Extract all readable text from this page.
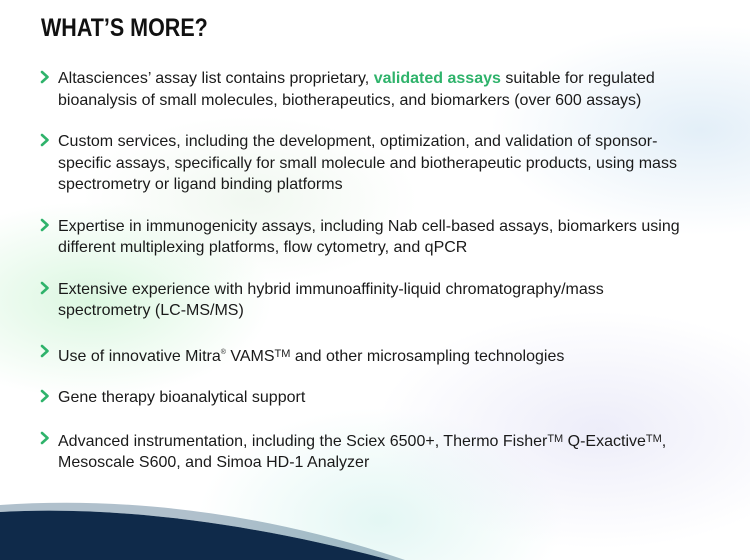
WHAT’S MORE?
Altasciences’ assay list contains proprietary, validated assays suitable for regulated bioanalysis of small molecules, biotherapeutics, and biomarkers (over 600 assays)
Custom services, including the development, optimization, and validation of sponsor-specific assays, specifically for small molecule and biotherapeutic products, using mass spectrometry or ligand binding platforms
Expertise in immunogenicity assays, including Nab cell-based assays, biomarkers using different multiplexing platforms, flow cytometry, and qPCR
Extensive experience with hybrid immunoaffinity-liquid chromatography/mass spectrometry (LC-MS/MS)
Use of innovative Mitra® VAMS™ and other microsampling technologies
Gene therapy bioanalytical support
Advanced instrumentation, including the Sciex 6500+, Thermo Fisher™ Q-Exactive™, Mesoscale S600, and Simoa HD-1 Analyzer
